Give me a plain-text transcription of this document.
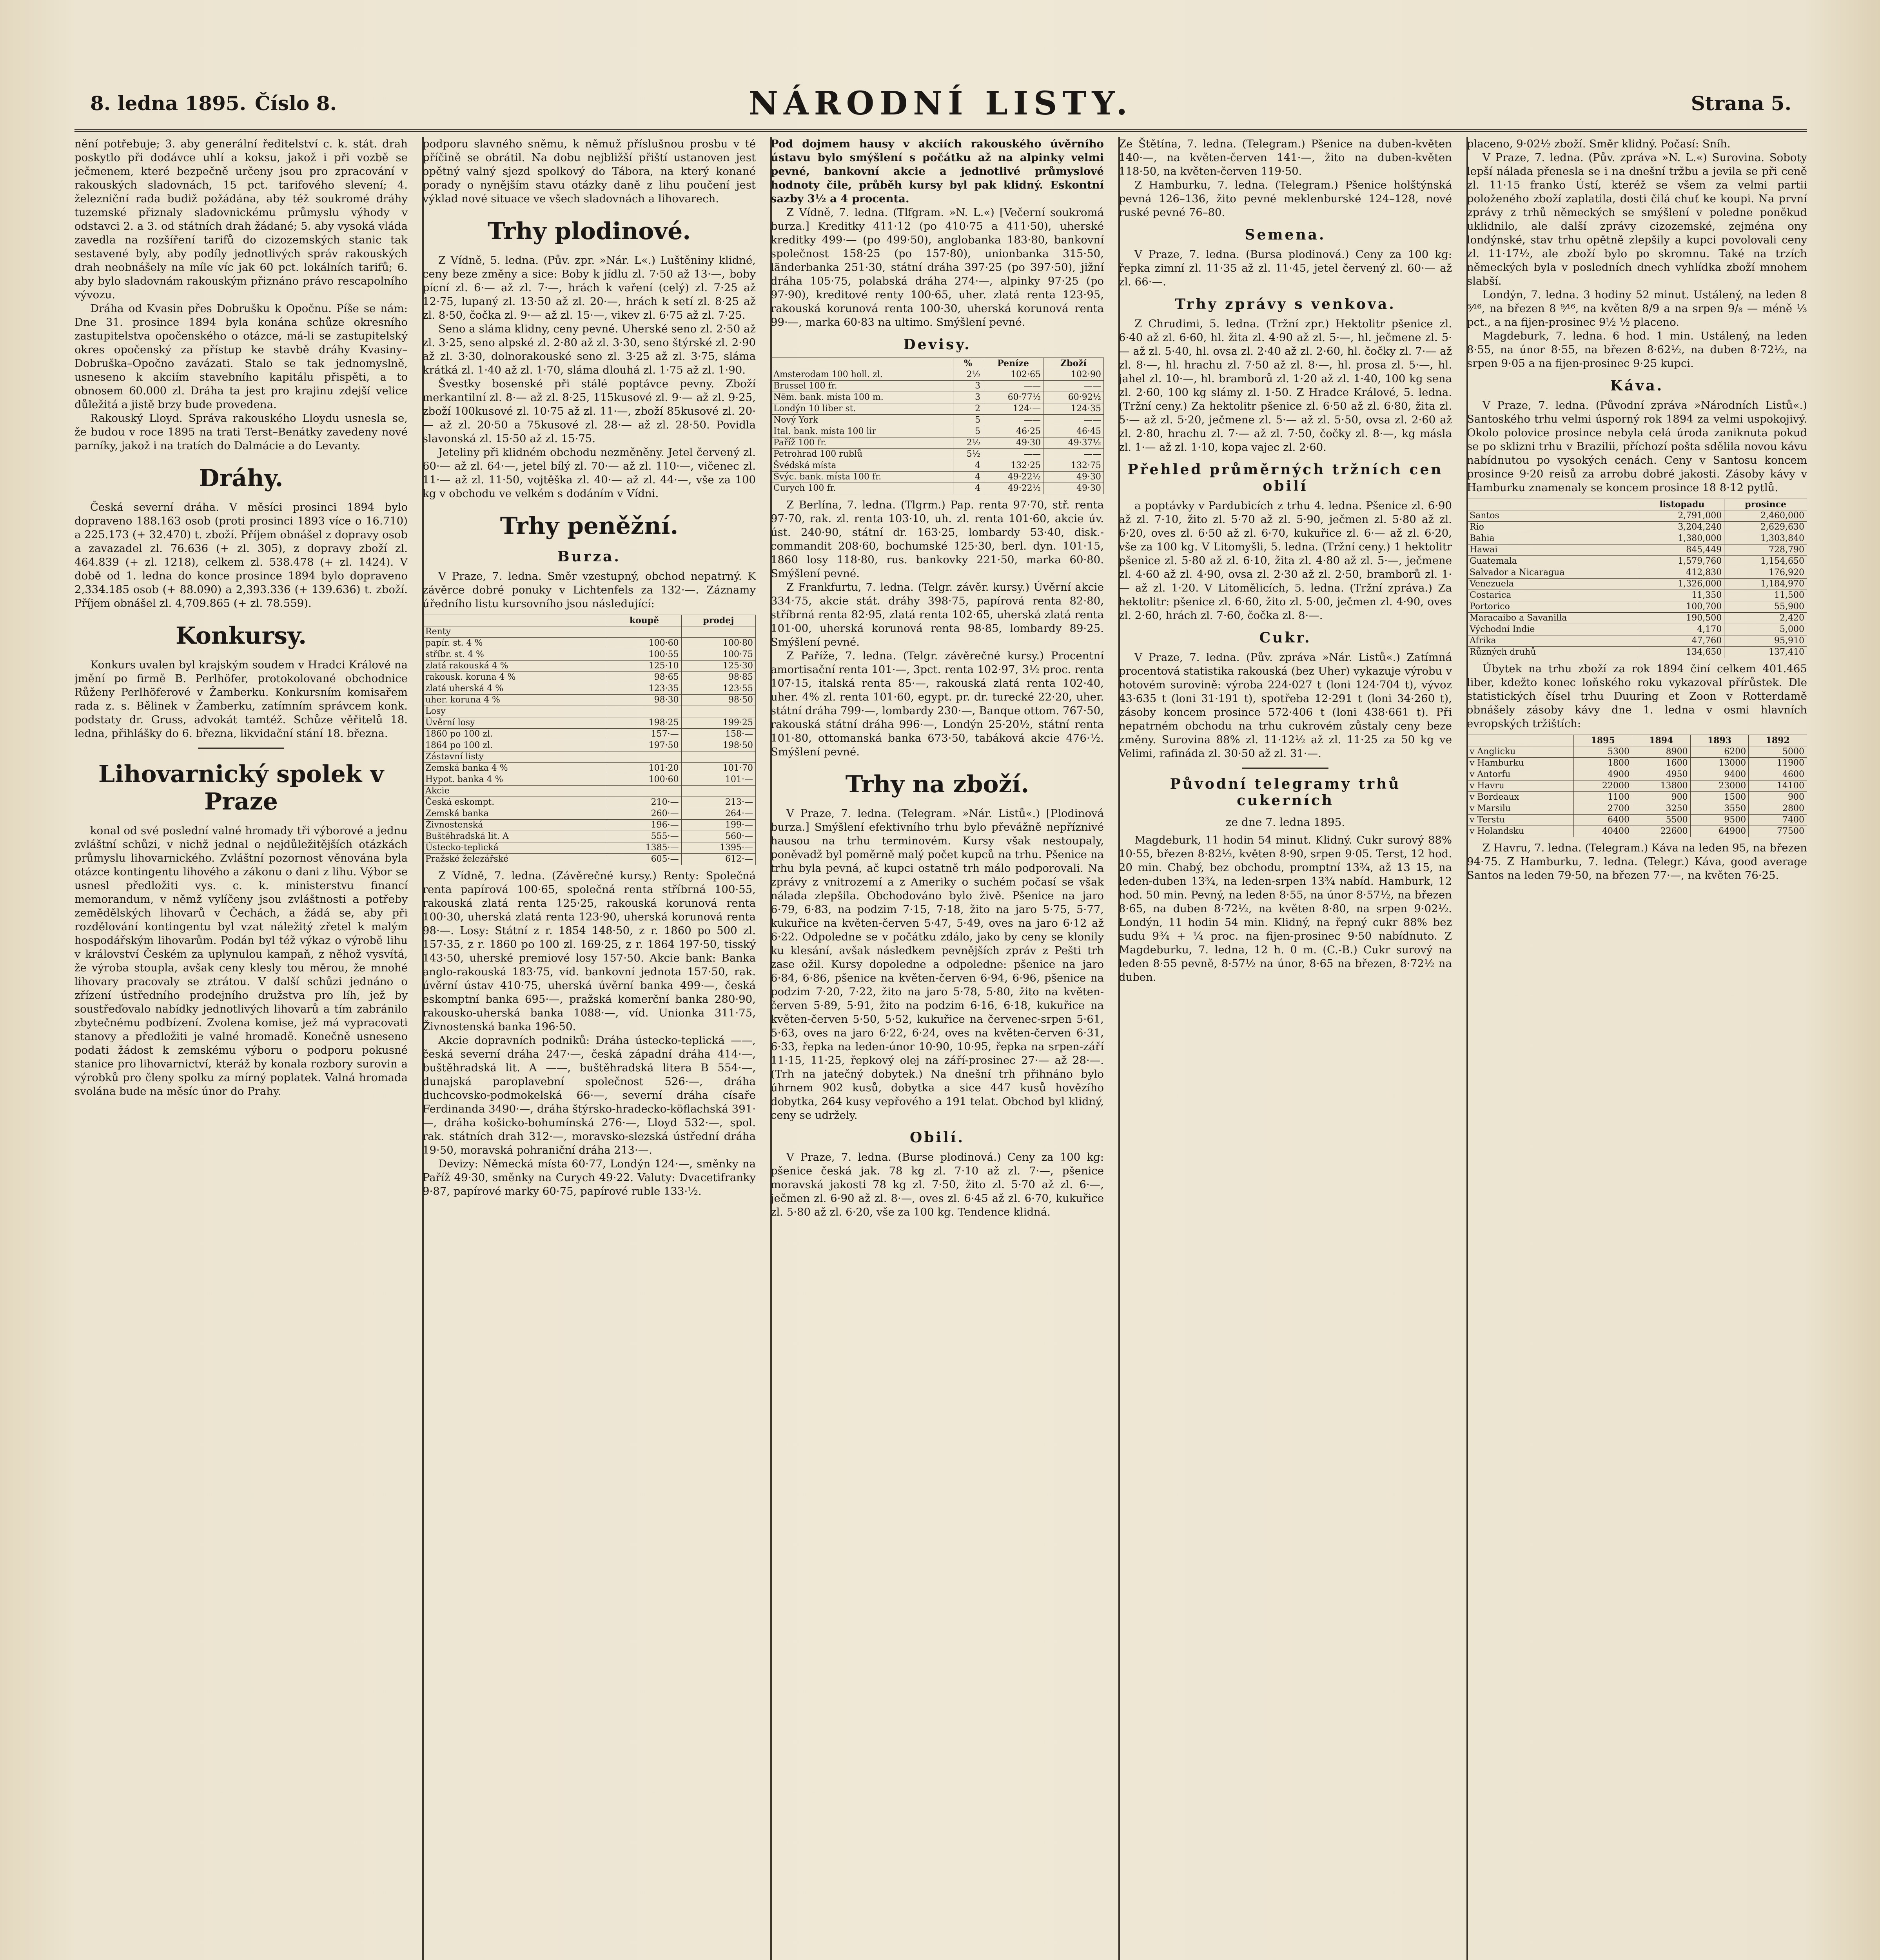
8. ledna 1895. Číslo 8.	NÁRODNÍ LISTY.	Strana 5.

nění potřebuje; 3. aby generální ředitelství c. k. stát. drah poskytlo při dodávce uhlí a koksu, jakož i při vozbě se ječmenem, které bezpečně určeny jsou pro zpracování v rakouských sladovnách, 15 pct. tarifového slevení; 4. železniční rada budiž požádána, aby též soukromé dráhy tuzemské přiznaly sladovnickému průmyslu výhody v odstavci 2. a 3. od státních drah žádané; 5. aby vysoká vláda zavedla na rozšíření tarifů do cizozemských stanic tak sestavené byly, aby podíly jednotlivých správ rakouských drah neobnášely na míle víc jak 60 pct. lokálních tarifů; 6. aby bylo sladovnám rakouským přiznáno právo rescapolního vývozu.

Dráha od Kvasin přes Dobrušku k Opočnu. Píše se nám: Dne 31. prosince 1894 byla konána schůze okresního zastupitelstva opočenského o otázce, má-li se zastupitelský okres opočenský za přístup ke stavbě dráhy Kvasiny–Dobruška–Opočno zavázati. Stalo se tak jednomyslně, usneseno k akciím stavebního kapitálu přispěti, a to obnosem 60.000 zl. Dráha ta jest pro krajinu zdejší velice důležitá a jistě brzy bude provedena.

Rakouský Lloyd. Správa rakouského Lloydu usnesla se, že budou v roce 1895 na trati Terst–Benátky zavedeny nové parníky, jakož i na tratích do Dalmácie a do Levanty.

Dráhy.

Česká severní dráha. V měsíci prosinci 1894 bylo dopraveno 188.163 osob (proti prosinci 1893 více o 16.710) a 225.173 (+ 32.470) t. zboží. Příjem obnášel z dopravy osob a zavazadel zl. 76.636 (+ zl. 305), z dopravy zboží zl. 464.839 (+ zl. 1218), celkem zl. 538.478 (+ zl. 1424). V době od 1. ledna do konce prosince 1894 bylo dopraveno 2,334.185 osob (+ 88.090) a 2,393.336 (+ 139.636) t. zboží. Příjem obnášel zl. 4,709.865 (+ zl. 78.559).

Konkursy.

Konkurs uvalen byl krajským soudem v Hradci Králové na jmění po firmě B. Perlhöfer, protokolované obchodnice Růženy Perlhöferové v Žamberku. Konkursním komisařem rada z. s. Bělinek v Žamberku, zatímním správcem konk. podstaty dr. Gruss, advokát tamtéž. Schůze věřitelů 18. ledna, přihlášky do 6. března, likvidační stání 18. března.

Lihovarnický spolek v Praze

konal od své poslední valné hromady tři výborové a jednu zvláštní schůzi, v nichž jednal o nejdůležitějších otázkách průmyslu lihovarnického. Zvláštní pozornost věnována byla otázce kontingentu lihového a zákonu o dani z lihu. Výbor se usnesl předložiti vys. c. k. ministerstvu financí memorandum, v němž vylíčeny jsou zvláštnosti a potřeby zemědělských lihovarů v Čechách, a žádá se, aby při rozdělování kontingentu byl vzat náležitý zřetel k malým hospodářským lihovarům. Podán byl též výkaz o výrobě lihu v království Českém za uplynulou kampaň, z něhož vysvítá, že výroba stoupla, avšak ceny klesly tou měrou, že mnohé lihovary pracovaly se ztrátou. V další schůzi jednáno o zřízení ústředního prodejního družstva pro líh, jež by soustřeďovalo nabídky jednotlivých lihovarů a tím zabránilo zbytečnému podbízení. Zvolena komise, jež má vypracovati stanovy a předložiti je valné hromadě. Konečně usneseno podati žádost k zemskému výboru o podporu pokusné stanice pro lihovarnictví, kteráž by konala rozbory surovin a výrobků pro členy spolku za mírný poplatek. Valná hromada svolána bude na měsíc únor do Prahy.

podporu slavného sněmu, k němuž příslušnou prosbu v té příčině se obrátil. Na dobu nejbližší přiští ustanoven jest opětný valný sjezd spolkový do Tábora, na který konané porady o nynějším stavu otázky daně z lihu poučení jest výklad nové situace ve všech sladovnách a lihovarech.

Trhy plodinové.

Z Vídně, 5. ledna. (Pův. zpr. »Nár. L«.) Luštěniny klidné, ceny beze změny a sice: Boby k jídlu zl. 7·50 až 13·—, boby pícní zl. 6·— až zl. 7·—, hrách k vaření (celý) zl. 7·25 až 12·75, lupaný zl. 13·50 až zl. 20·—, hrách k setí zl. 8·25 až zl. 8·50, čočka zl. 9·— až zl. 15·—, vikev zl. 6·75 až zl. 7·25.

Seno a sláma klidny, ceny pevné. Uherské seno zl. 2·50 až zl. 3·25, seno alpské zl. 2·80 až zl. 3·30, seno štýrské zl. 2·90 až zl. 3·30, dolnorakouské seno zl. 3·25 až zl. 3·75, sláma krátká zl. 1·40 až zl. 1·70, sláma dlouhá zl. 1·75 až zl. 1·90.

Švestky bosenské při stálé poptávce pevny. Zboží merkantilní zl. 8·— až zl. 8·25, 115kusové zl. 9·— až zl. 9·25, zboží 100kusové zl. 10·75 až zl. 11·—, zboží 85kusové zl. 20·— až zl. 20·50 a 75kusové zl. 28·— až zl. 28·50. Povidla slavonská zl. 15·50 až zl. 15·75.

Jeteliny při klidném obchodu nezměněny. Jetel červený zl. 60·— až zl. 64·—, jetel bílý zl. 70·— až zl. 110·—, vičenec zl. 11·— až zl. 11·50, vojtěška zl. 40·— až zl. 44·—, vše za 100 kg v obchodu ve velkém s dodáním v Vídni.

Trhy peněžní.
Burza.

V Praze, 7. ledna. Směr vzestupný, obchod nepatrný. K závěrce dobré ponuky v Lichtenfels za 132·—. Záznamy úředního listu kursovního jsou následující:

	koupě	prodej
Renty		
papír. st. 4 %	100·60	100·80
stříbr. st. 4 %	100·55	100·75
zlatá rakouská 4 %	125·10	125·30
rakousk. koruna 4 %	98·65	98·85
zlatá uherská 4 %	123·35	123·55
uher. koruna 4 %	98·30	98·50
Losy		
Úvěrní losy	198·25	199·25
1860 po 100 zl.	157·—	158·—
1864 po 100 zl.	197·50	198·50
Zástavní listy		
Zemská banka 4 %	101·20	101·70
Hypot. banka 4 %	100·60	101·—
Akcie		
Česká eskompt.	210·—	213·—
Zemská banka	260·—	264·—
Živnostenská	196·—	199·—
Buštěhradská lit. A	555·—	560·—
Ústecko-teplická	1385·—	1395·—
Pražské železářské	605·—	612·—

Z Vídně, 7. ledna. (Závěrečné kursy.) Renty: Společná renta papírová 100·65, společná renta stříbrná 100·55, rakouská zlatá renta 125·25, rakouská korunová renta 100·30, uherská zlatá renta 123·90, uherská korunová renta 98·—. Losy: Státní z r. 1854 148·50, z r. 1860 po 500 zl. 157·35, z r. 1860 po 100 zl. 169·25, z r. 1864 197·50, tisský 143·50, uherské premiové losy 157·50. Akcie bank: Banka anglo-rakouská 183·75, víd. bankovní jednota 157·50, rak. úvěrní ústav 410·75, uherská úvěrní banka 499·—, česká eskomptní banka 695·—, pražská komerční banka 280·90, rakousko-uherská banka 1088·—, víd. Unionka 311·75, Živnostenská banka 196·50.

Akcie dopravních podniků: Dráha ústecko-teplická ——, česká severní dráha 247·—, česká západní dráha 414·—, buštěhradská lit. A ——, buštěhradská litera B 554·—, dunajská paroplavební společnost 526·—, dráha duchcovsko-podmokelská 66·—, severní dráha císaře Ferdinanda 3490·—, dráha štýrsko-hradecko-köflachská 391·—, dráha košicko-bohumínská 276·—, Lloyd 532·—, spol. rak. státních drah 312·—, moravsko-slezská ústřední dráha 19·50, moravská pohraniční dráha 213·—.

Devizy: Německá místa 60·77, Londýn 124·—, směnky na Paříž 49·30, směnky na Curych 49·22. Valuty: Dvacetifranky 9·87, papírové marky 60·75, papírové ruble 133·¹⁄₂.

Pod dojmem hausy v akciích rakouského úvěrního ústavu bylo smýšlení s počátku až na alpinky velmi pevné, bankovní akcie a jednotlivé průmyslové hodnoty čile, průběh kursy byl pak klidný. Eskontní sazby 3¹⁄₂ a 4 procenta.

Z Vídně, 7. ledna. (Tlfgram. »N. L.«) [Večerní soukromá burza.] Kreditky 411·12 (po 410·75 a 411·50), uherské kreditky 499·— (po 499·50), anglobanka 183·80, bankovní společnost 158·25 (po 157·80), unionbanka 315·50, länderbanka 251·30, státní dráha 397·25 (po 397·50), jižní dráha 105·75, polabská dráha 274·—, alpinky 97·25 (po 97·90), kreditové renty 100·65, uher. zlatá renta 123·95, rakouská korunová renta 100·30, uherská korunová renta 99·—, marka 60·83 na ultimo. Smýšlení pevné.

Devisy.
	%	Peníze	Zboží
Amsterodam 100 holl. zl.	2¹⁄₂	102·65	102·90
Brussel 100 fr.	3	——	——
Něm. bank. místa 100 m.	3	60·77¹⁄₂	60·92¹⁄₂
Londýn 10 liber st.	2	124·—	124·35
Nový York	5	——	——
Ital. bank. místa 100 lir	5	46·25	46·45
Paříž 100 fr.	2¹⁄₂	49·30	49·37¹⁄₂
Petrohrad 100 rublů	5¹⁄₂	——	——
Švédská místa	4	132·25	132·75
Švýc. bank. místa 100 fr.	4	49·22¹⁄₂	49·30
Curych 100 fr.	4	49·22¹⁄₂	49·30

Z Berlína, 7. ledna. (Tlgrm.) Pap. renta 97·70, stř. renta 97·70, rak. zl. renta 103·10, uh. zl. renta 101·60, akcie úv. úst. 240·90, státní dr. 163·25, lombardy 53·40, disk.-commandit 208·60, bochumské 125·30, berl. dyn. 101·15, 1860 losy 118·80, rus. bankovky 221·50, marka 60·80. Smýšlení pevné.

Z Frankfurtu, 7. ledna. (Telgr. závěr. kursy.) Úvěrní akcie 334·75, akcie stát. dráhy 398·75, papírová renta 82·80, stříbrná renta 82·95, zlatá renta 102·65, uherská zlatá renta 101·00, uherská korunová renta 98·85, lombardy 89·25. Smýšlení pevné.

Z Paříže, 7. ledna. (Telgr. závěrečné kursy.) Procentní amortisační renta 101·—, 3pct. renta 102·97, 3¹⁄₂ proc. renta 107·15, italská renta 85·—, rakouská zlatá renta 102·40, uher. 4% zl. renta 101·60, egypt. pr. dr. turecké 22·20, uher. státní dráha 799·—, lombardy 230·—, Banque ottom. 767·50, rakouská státní dráha 996·—, Londýn 25·20¹⁄₂, státní renta 101·80, ottomanská banka 673·50, tabáková akcie 476·¹⁄₂. Smýšlení pevné.

Trhy na zboží.

V Praze, 7. ledna. (Telegram. »Nár. Listů«.) [Plodinová burza.] Smýšlení efektivního trhu bylo převážně nepříznivé hausou na trhu terminovém. Kursy však nestoupaly, poněvadž byl poměrně malý počet kupců na trhu. Pšenice na trhu byla pevná, ač kupci ostatně trh málo podporovali. Na zprávy z vnitrozemí a z Ameriky o suchém počasí se však nálada zlepšila. Obchodováno bylo živě. Pšenice na jaro 6·79, 6·83, na podzim 7·15, 7·18, žito na jaro 5·75, 5·77, kukuřice na květen-červen 5·47, 5·49, oves na jaro 6·12 až 6·22. Odpoledne se v počátku zdálo, jako by ceny se klonily ku klesání, avšak následkem pevnějších zpráv z Pešti trh zase ožil. Kursy dopoledne a odpoledne: pšenice na jaro 6·84, 6·86, pšenice na květen-červen 6·94, 6·96, pšenice na podzim 7·20, 7·22, žito na jaro 5·78, 5·80, žito na květen-červen 5·89, 5·91, žito na podzim 6·16, 6·18, kukuřice na květen-červen 5·50, 5·52, kukuřice na červenec-srpen 5·61, 5·63, oves na jaro 6·22, 6·24, oves na květen-červen 6·31, 6·33, řepka na leden-únor 10·90, 10·95, řepka na srpen-září 11·15, 11·25, řepkový olej na září-prosinec 27·— až 28·—. (Trh na jatečný dobytek.) Na dnešní trh přihnáno bylo úhrnem 902 kusů, dobytka a sice 447 kusů hovězího dobytka, 264 kusy vepřového a 191 telat. Obchod byl klidný, ceny se udržely.

Obilí.

V Praze, 7. ledna. (Burse plodinová.) Ceny za 100 kg: pšenice česká jak. 78 kg zl. 7·10 až zl. 7·—, pšenice moravská jakosti 78 kg zl. 7·50, žito zl. 5·70 až zl. 6·—, ječmen zl. 6·90 až zl. 8·—, oves zl. 6·45 až zl. 6·70, kukuřice zl. 5·80 až zl. 6·20, vše za 100 kg. Tendence klidná.

Ze Štětína, 7. ledna. (Telegram.) Pšenice na duben-květen 140·—, na květen-červen 141·—, žito na duben-květen 118·50, na květen-červen 119·50.

Z Hamburku, 7. ledna. (Telegram.) Pšenice holštýnská pevná 126–136, žito pevné meklenburské 124–128, nové ruské pevné 76–80.

Semena.

V Praze, 7. ledna. (Bursa plodinová.) Ceny za 100 kg: řepka zimní zl. 11·35 až zl. 11·45, jetel červený zl. 60·— až zl. 66·—.

Trhy zprávy s venkova.

Z Chrudimi, 5. ledna. (Tržní zpr.) Hektolitr pšenice zl. 6·40 až zl. 6·60, hl. žita zl. 4·90 až zl. 5·—, hl. ječmene zl. 5·— až zl. 5·40, hl. ovsa zl. 2·40 až zl. 2·60, hl. čočky zl. 7·— až zl. 8·—, hl. hrachu zl. 7·50 až zl. 8·—, hl. prosa zl. 5·—, hl. jahel zl. 10·—, hl. bramborů zl. 1·20 až zl. 1·40, 100 kg sena zl. 2·60, 100 kg slámy zl. 1·50. Z Hradce Králové, 5. ledna. (Tržní ceny.) Za hektolitr pšenice zl. 6·50 až zl. 6·80, žita zl. 5·— až zl. 5·20, ječmene zl. 5·— až zl. 5·50, ovsa zl. 2·60 až zl. 2·80, hrachu zl. 7·— až zl. 7·50, čočky zl. 8·—, kg másla zl. 1·— až zl. 1·10, kopa vajec zl. 2·60.

Přehled průměrných tržních cen obilí

a poptávky v Pardubicích z trhu 4. ledna. Pšenice zl. 6·90 až zl. 7·10, žito zl. 5·70 až zl. 5·90, ječmen zl. 5·80 až zl. 6·20, oves zl. 6·50 až zl. 6·70, kukuřice zl. 6·— až zl. 6·20, vše za 100 kg. V Litomyšli, 5. ledna. (Tržní ceny.) 1 hektolitr pšenice zl. 5·80 až zl. 6·10, žita zl. 4·80 až zl. 5·—, ječmene zl. 4·60 až zl. 4·90, ovsa zl. 2·30 až zl. 2·50, bramborů zl. 1·— až zl. 1·20. V Litomělicích, 5. ledna. (Tržní zpráva.) Za hektolitr: pšenice zl. 6·60, žito zl. 5·00, ječmen zl. 4·90, oves zl. 2·60, hrách zl. 7·60, čočka zl. 8·—.

Cukr.

V Praze, 7. ledna. (Pův. zpráva »Nár. Listů«.) Zatímná procentová statistika rakouská (bez Uher) vykazuje výrobu v hotovém surovině: výroba 224·027 t (loni 124·704 t), vývoz 43·635 t (loni 31·191 t), spotřeba 12·291 t (loni 34·260 t), zásoby koncem prosince 572·406 t (loni 438·661 t). Při nepatrném obchodu na trhu cukrovém zůstaly ceny beze změny. Surovina 88% zl. 11·12¹⁄₂ až zl. 11·25 za 50 kg ve Velimi, rafináda zl. 30·50 až zl. 31·—.

Původní telegramy trhů cukerních
ze dne 7. ledna 1895.

Magdeburk, 11 hodin 54 minut. Klidný. Cukr surový 88% 10·55, březen 8·82¹⁄₂, květen 8·90, srpen 9·05. Terst, 12 hod. 20 min. Chabý, bez obchodu, promptní 13³⁄₄, až 13 15, na leden-duben 13³⁄₄, na leden-srpen 13³⁄₄ nabíd. Hamburk, 12 hod. 50 min. Pevný, na leden 8·55, na únor 8·57¹⁄₂, na březen 8·65, na duben 8·72¹⁄₂, na květen 8·80, na srpen 9·02¹⁄₂. Londýn, 11 hodin 54 min. Klidný, na řepný cukr 88% bez sudu 9³⁄₄ + ¹⁄₄ proc. na fijen-prosinec 9·50 nabídnuto. Z Magdeburku, 7. ledna, 12 h. 0 m. (C.-B.) Cukr surový na leden 8·55 pevně, 8·57¹⁄₂ na únor, 8·65 na březen, 8·72¹⁄₂ na duben.

placeno, 9·02¹⁄₂ zboží. Směr klidný. Počasí: Sníh.

V Praze, 7. ledna. (Pův. zpráva »N. L.«) Surovina. Soboty lepší nálada přenesla se i na dnešní tržbu a jevila se při ceně zl. 11·15 franko Ústí, kteréž se všem za velmi partii položeného zboží zaplatila, dosti čilá chuť ke koupi. Na první zprávy z trhů německých se smýšlení v poledne poněkud uklidnilo, ale další zprávy cizozemské, zejména ony londýnské, stav trhu opětně zlepšily a kupci povolovali ceny zl. 11·17¹⁄₂, ale zboží bylo po skromnu. Také na trzích německých byla v posledních dnech vyhlídka zboží mnohem slabší.

Londýn, 7. ledna. 3 hodiny 52 minut. Ustálený, na leden 8 ⁶⁄¹⁶, na březen 8 ⁹⁄¹⁶, na květen 8/9 a na srpen 9/₈ — méně ¹⁄₃ pct., a na fijen-prosinec 9¹⁄₂ ¹⁄₂ placeno.

Magdeburk, 7. ledna. 6 hod. 1 min. Ustálený, na leden 8·55, na únor 8·55, na březen 8·62¹⁄₂, na duben 8·72¹⁄₂, na srpen 9·05 a na fijen-prosinec 9·25 kupci.

Káva.

V Praze, 7. ledna. (Původní zpráva »Národních Listů«.) Santoského trhu velmi úsporný rok 1894 za velmi uspokojivý. Okolo polovice prosince nebyla celá úroda zaniknuta pokud se po sklizni trhu v Brazilii, příchozí pošta sdělila novou kávu nabídnutou po vysokých cenách. Ceny v Santosu koncem prosince 9·20 reisů za arrobu dobré jakosti. Zásoby kávy v Hamburku znamenaly se koncem prosince 18 8·12 pytlů.

	listopadu	prosince
Santos	2,791,000	2,460,000
Rio	3,204,240	2,629,630
Bahia	1,380,000	1,303,840
Hawai	845,449	728,790
Guatemala	1,579,760	1,154,650
Salvador a Nicaragua	412,830	176,920
Venezuela	1,326,000	1,184,970
Costarica	11,350	11,500
Portorico	100,700	55,900
Maracaibo a Savanilla	190,500	2,420
Východní Indie	4,170	5,000
Afrika	47,760	95,910
Různých druhů	134,650	137,410

Úbytek na trhu zboží za rok 1894 činí celkem 401.465 liber, kdežto konec loňského roku vykazoval přírůstek. Dle statistických čísel trhu Duuring et Zoon v Rotterdamě obnášely zásoby kávy dne 1. ledna v osmi hlavních evropských tržištích:

	1895	1894	1893	1892
v Anglicku	5300	8900	6200	5000
v Hamburku	1800	1600	13000	11900
v Antorfu	4900	4950	9400	4600
v Havru	22000	13800	23000	14100
v Bordeaux	1100	900	1500	900
v Marsilu	2700	3250	3550	2800
v Terstu	6400	5500	9500	7400
v Holandsku	40400	22600	64900	77500

Z Havru, 7. ledna. (Telegram.) Káva na leden 95, na březen 94·75. Z Hamburku, 7. ledna. (Telegr.) Káva, good average Santos na leden 79·50, na březen 77·—, na květen 76·25.
